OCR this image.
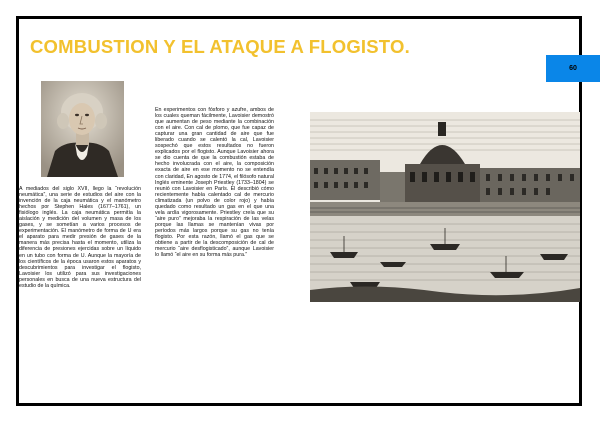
COMBUSTION Y EL ATAQUE A FLOGISTO.
60

A mediados del siglo XVII, llego la “revolución neumática”, una serie de estudios del aire con la invención de la caja neumática y el manómetro hechos por Stephen Hales (1677–1761), un fisiólogo inglés. La caja neumática permitía la aislación y medición del volumen y masa de los gases, y se sometían a varios procesos de experimentación. El manómetro de forma de U era el aparato para medir presión de gases de la manera más precisa hasta el momento, utiliza la diferencia de presiones ejercidas sobre un líquido en un tubo con forma de U. Aunque la mayoría de los científicos de la época usaron estos aparatos y descubrimientos para investigar el flogisto, Lavoisier los utilizó para sus investigaciones personales en busca de una nueva estructura del estudio de la química.

En experimentos con fósforo y azufre, ambos de los cuales queman fácilmente, Lavoisier demostró que aumentan de peso mediante la combinación con el aire. Con cal de plomo, que fue capaz de capturar una gran cantidad de aire que fue liberado cuando se calentó la cal, Lavoisier sospechó que estos resultados no fueron explicados por el flogisto. Aunque Lavoisier ahora se dio cuenta de que la combustión estaba de hecho involucrada con el aire, la composición exacta de aire en ese momento no se entendía con claridad, En agosto de 1774, el filósofo natural Inglés eminente Joseph Priestley (1733–1804) se reunió con Lavoisier en París. Él describió cómo recientemente había calentado cal de mercurio climatizada (un polvo de color rojo) y había quedado como resultado un gas en el que una vela ardía vigorosamente. Priestley creía que su “aire puro” mejoraba la respiración de las velas porque las llamas se mantenían vivas por períodos más largos porque su gas no tenía flogisto. Por esta razón, llamó el gas que se obtiene a partir de la descomposición de cal de mercurio “aire desflogisticado”, aunque Lavoisier lo llamó “el aire en su forma más pura.”
